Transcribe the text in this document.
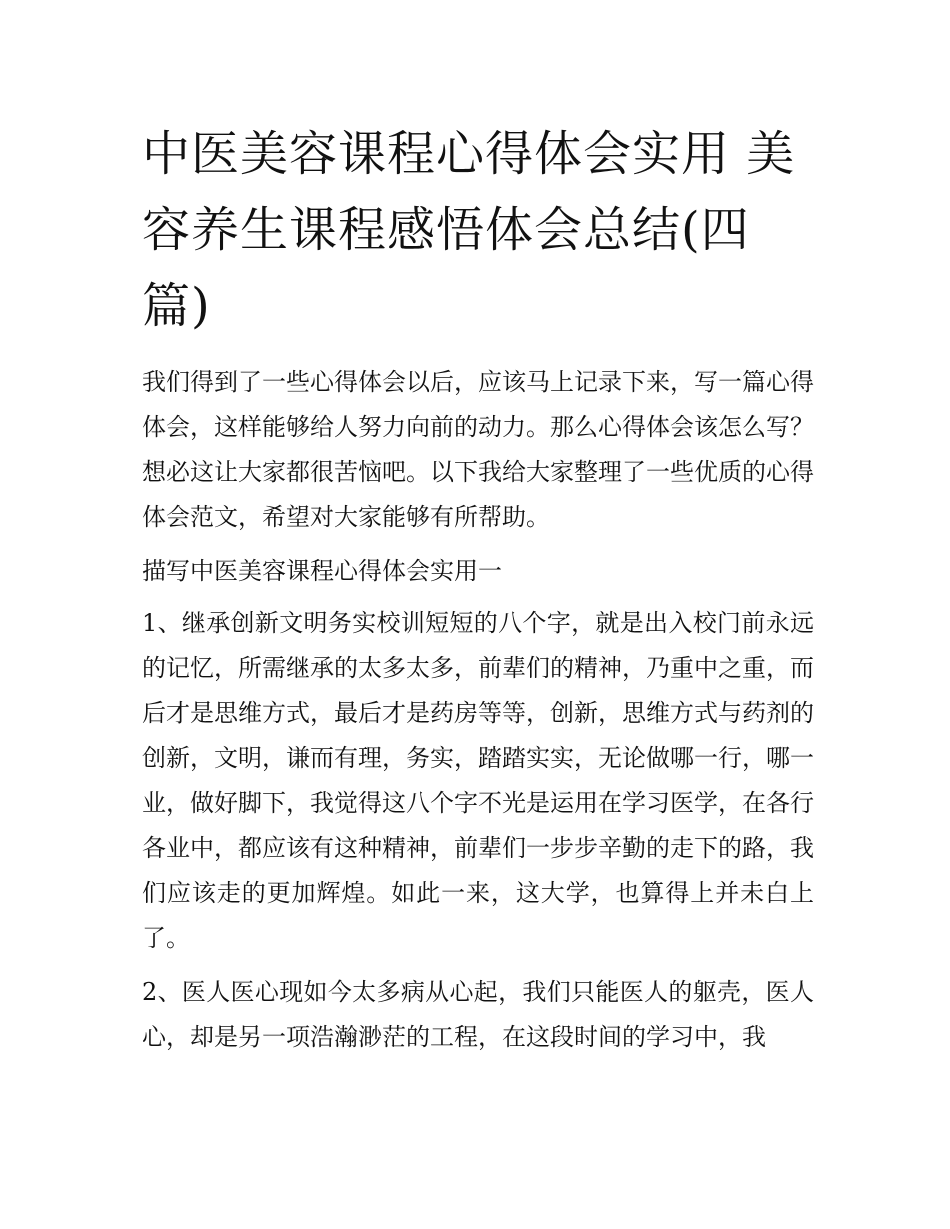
中医美容课程心得体会实用 美容养生课程感悟体会总结(四篇)

我们得到了一些心得体会以后，应该马上记录下来，写一篇心得体会，这样能够给人努力向前的动力。那么心得体会该怎么写？想必这让大家都很苦恼吧。以下我给大家整理了一些优质的心得体会范文，希望对大家能够有所帮助。

描写中医美容课程心得体会实用一

1、继承创新文明务实校训短短的八个字，就是出入校门前永远的记忆，所需继承的太多太多，前辈们的精神，乃重中之重，而后才是思维方式，最后才是药房等等，创新，思维方式与药剂的创新，文明，谦而有理，务实，踏踏实实，无论做哪一行，哪一业，做好脚下，我觉得这八个字不光是运用在学习医学，在各行各业中，都应该有这种精神，前辈们一步步辛勤的走下的路，我们应该走的更加辉煌。如此一来，这大学，也算得上并未白上了。

2、医人医心现如今太多病从心起，我们只能医人的躯壳，医人心，却是另一项浩瀚渺茫的工程，在这段时间的学习中，我
